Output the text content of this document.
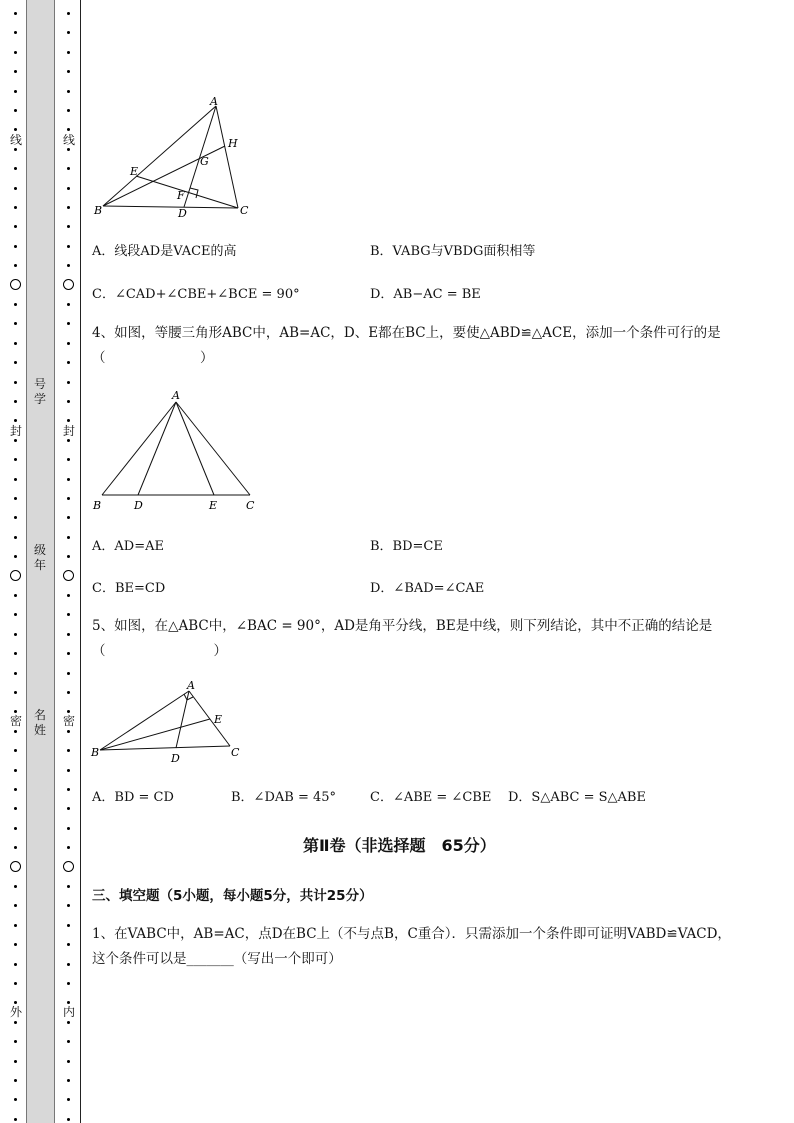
线
封
密
外
线
封
密
内
号
学
级
年
名
姓
A
H
G
E
F
B	D	C
A．线段AD是VACE的高	B．VABG与VBDG面积相等
C．∠CAD+∠CBE+∠BCE = 90°	D．AB−AC = BE
4、如图，等腰三角形ABC中，AB=AC，D、E都在BC上，要使△ABD≌△ACE，添加一个条件可行的是（　　　　　　　）
A
B	D	E	C
A．AD=AE	B．BD=CE
C．BE=CD	D．∠BAD=∠CAE
5、如图，在△ABC中，∠BAC = 90°，AD是角平分线，BE是中线，则下列结论，其中不正确的结论是（　　　　　　　　）
A
E
B	D	C
A．BD = CD	B．∠DAB = 45°	C．∠ABE = ∠CBE D．S△ABC = S△ABE
第Ⅱ卷（非选择题　65分）
三、填空题（5小题，每小题5分，共计25分）
1、在VABC中，AB=AC，点D在BC上（不与点B，C重合）．只需添加一个条件即可证明VABD≌VACD，这个条件可以是_______（写出一个即可）
